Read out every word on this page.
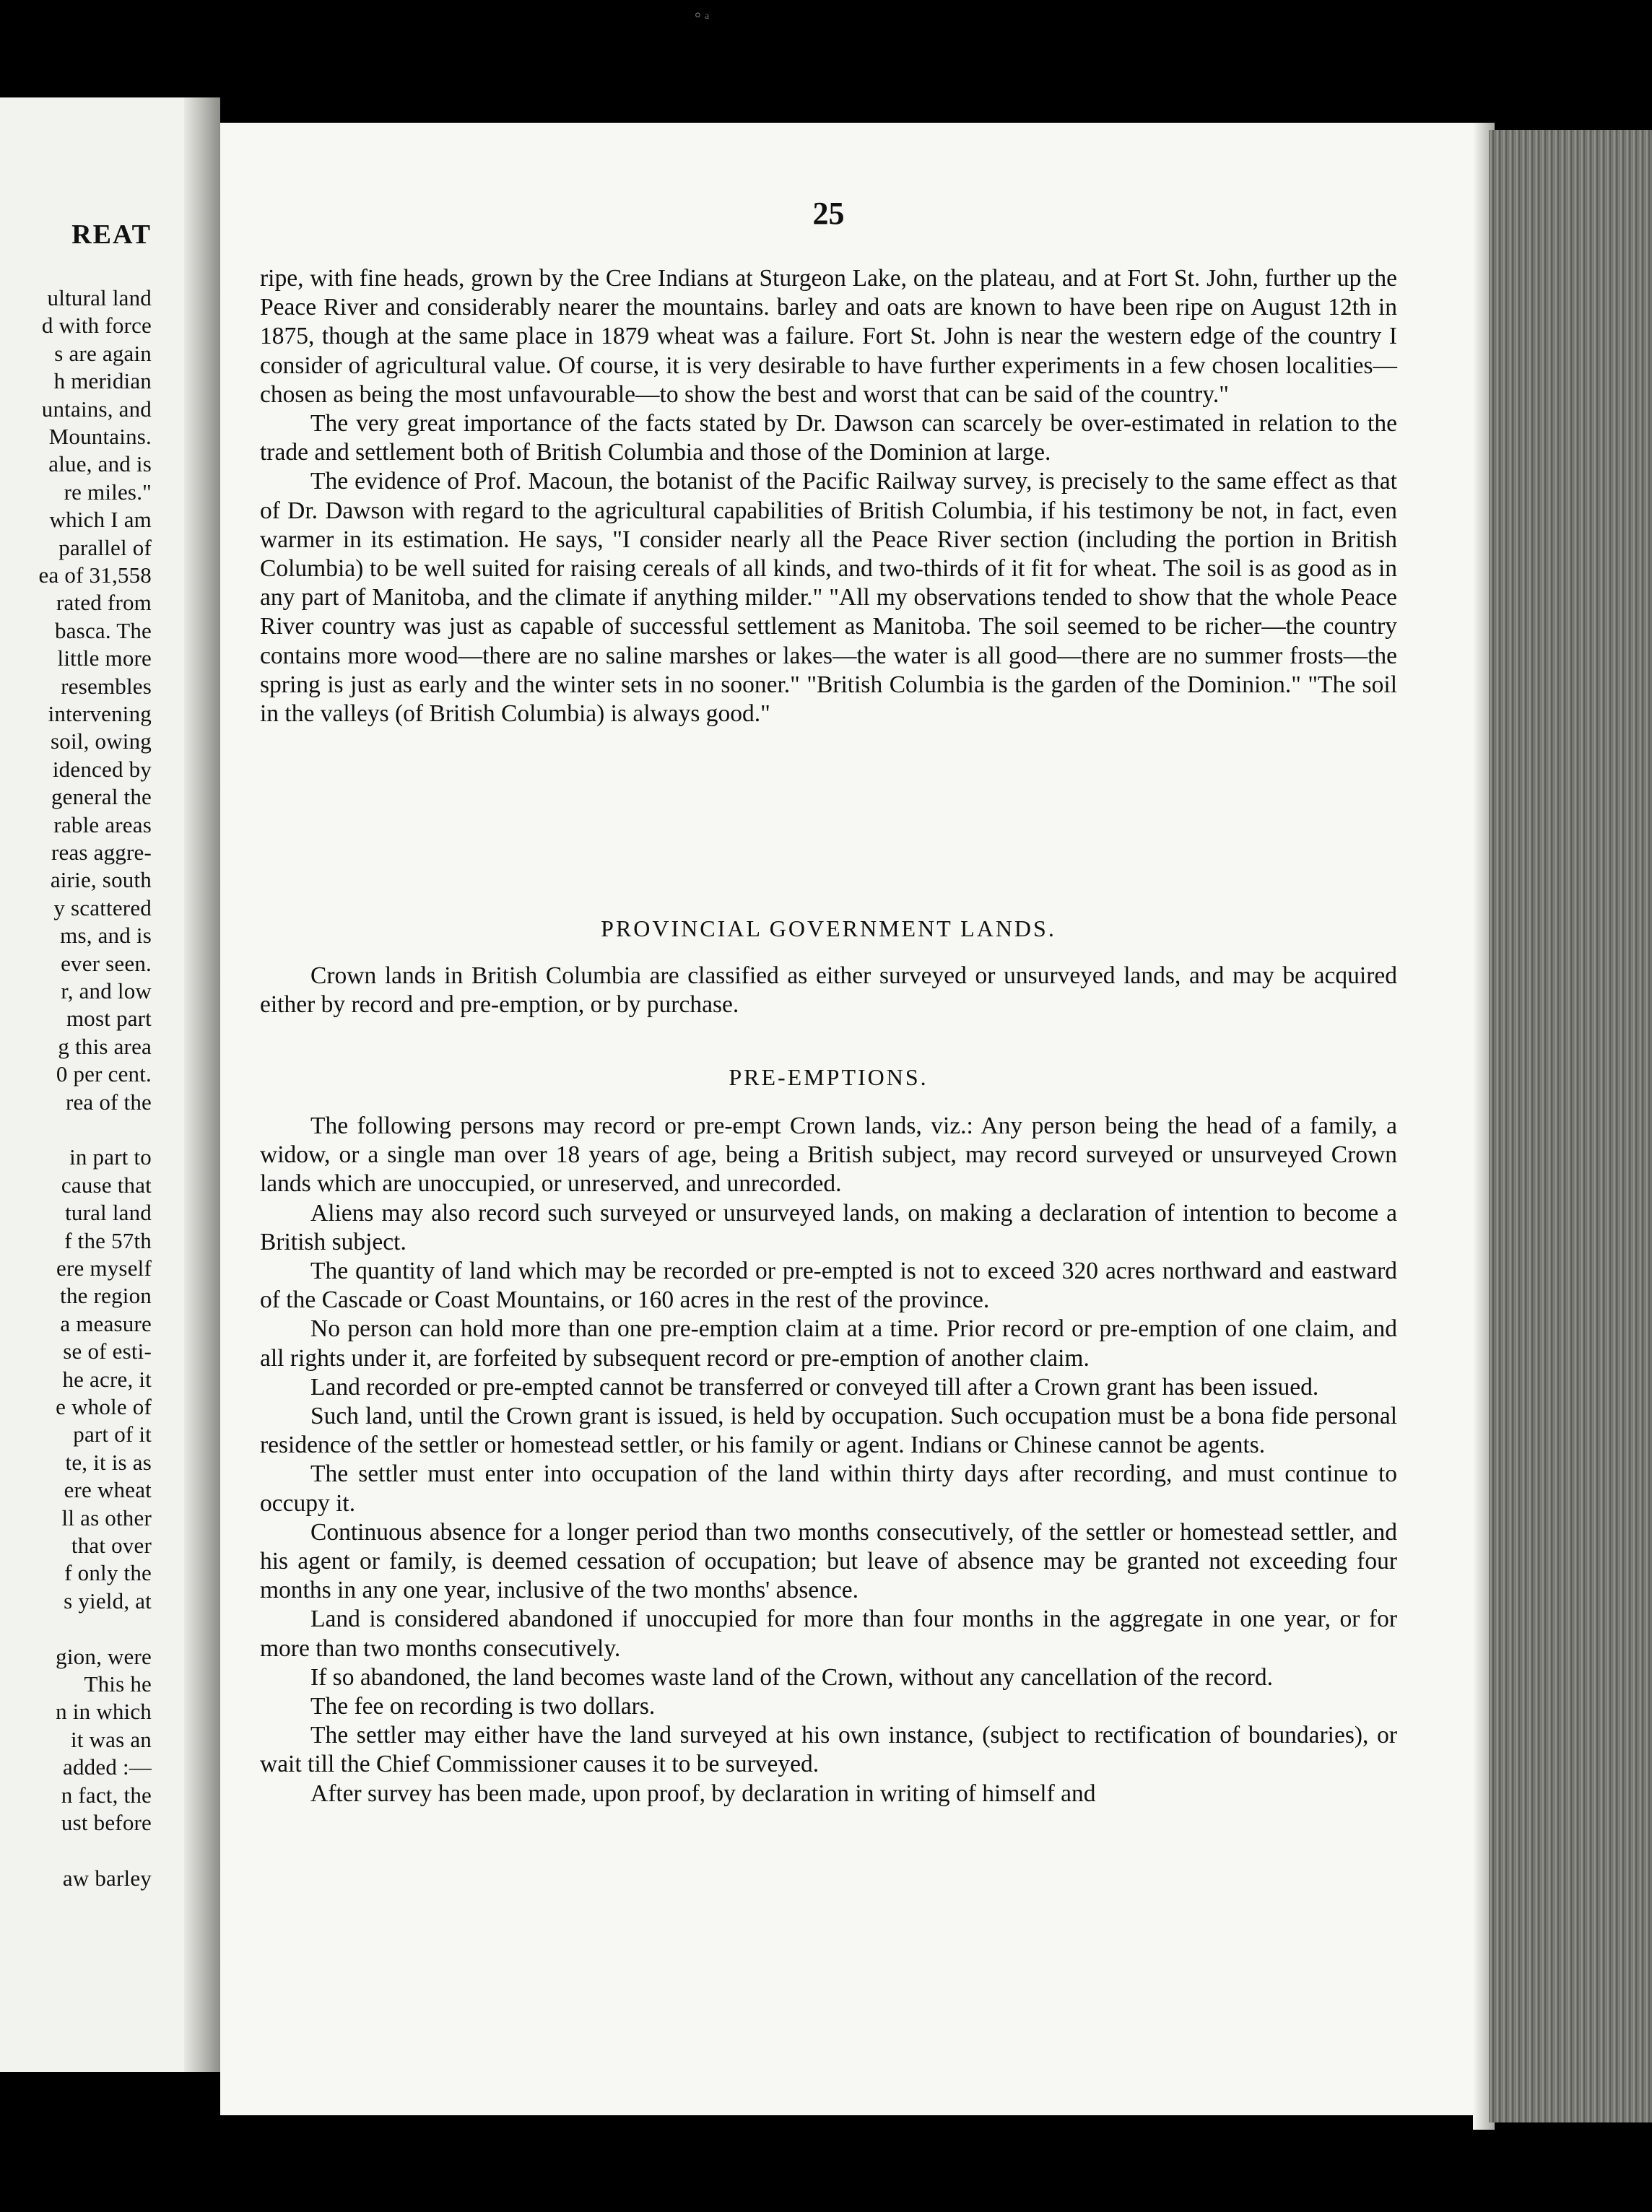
° ᵃ
REAT
ultural land
d with force
s are again
h meridian
untains, and
Mountains.
alue, and is
re miles."
which I am
parallel of
ea of 31,558
rated from
basca. The
little more
resembles
intervening
soil, owing
idenced by
general the
rable areas
reas aggre-
airie, south
y scattered
ms, and is
ever seen.
r, and low
most part
g this area
0 per cent.
rea of the
in part to
cause that
tural land
f the 57th
ere myself
the region
a measure
se of esti-
he acre, it
e whole of
part of it
te, it is as
ere wheat
ll as other
that over
f only the
s yield, at
gion, were
This he
n in which
it was an
added :—
n fact, the
ust before
aw barley
25

ripe, with fine heads, grown by the Cree Indians at Sturgeon Lake, on the plateau, and at Fort St. John, further up the Peace River and considerably nearer the mountains. barley and oats are known to have been ripe on August 12th in 1875, though at the same place in 1879 wheat was a failure. Fort St. John is near the western edge of the country I consider of agricultural value. Of course, it is very desirable to have further experiments in a few chosen localities—chosen as being the most unfavourable—to show the best and worst that can be said of the country."

The very great importance of the facts stated by Dr. Dawson can scarcely be over-estimated in relation to the trade and settlement both of British Columbia and those of the Dominion at large.

The evidence of Prof. Macoun, the botanist of the Pacific Railway survey, is precisely to the same effect as that of Dr. Dawson with regard to the agricultural capabilities of British Columbia, if his testimony be not, in fact, even warmer in its estimation. He says, "I consider nearly all the Peace River section (including the portion in British Columbia) to be well suited for raising cereals of all kinds, and two-thirds of it fit for wheat. The soil is as good as in any part of Manitoba, and the climate if anything milder." "All my observations tended to show that the whole Peace River country was just as capable of successful settlement as Manitoba. The soil seemed to be richer—the country contains more wood—there are no saline marshes or lakes—the water is all good—there are no summer frosts—the spring is just as early and the winter sets in no sooner." "British Columbia is the garden of the Dominion." "The soil in the valleys (of British Columbia) is always good."

PROVINCIAL GOVERNMENT LANDS.

Crown lands in British Columbia are classified as either surveyed or unsurveyed lands, and may be acquired either by record and pre-emption, or by purchase.

PRE-EMPTIONS.

The following persons may record or pre-empt Crown lands, viz.: Any person being the head of a family, a widow, or a single man over 18 years of age, being a British subject, may record surveyed or unsurveyed Crown lands which are unoccupied, or unreserved, and unrecorded.

Aliens may also record such surveyed or unsurveyed lands, on making a declaration of intention to become a British subject.

The quantity of land which may be recorded or pre-empted is not to exceed 320 acres northward and eastward of the Cascade or Coast Mountains, or 160 acres in the rest of the province.

No person can hold more than one pre-emption claim at a time. Prior record or pre-emption of one claim, and all rights under it, are forfeited by subsequent record or pre-emption of another claim.

Land recorded or pre-empted cannot be transferred or conveyed till after a Crown grant has been issued.

Such land, until the Crown grant is issued, is held by occupation. Such occupation must be a bona fide personal residence of the settler or homestead settler, or his family or agent. Indians or Chinese cannot be agents.

The settler must enter into occupation of the land within thirty days after recording, and must continue to occupy it.

Continuous absence for a longer period than two months consecutively, of the settler or homestead settler, and his agent or family, is deemed cessation of occupation; but leave of absence may be granted not exceeding four months in any one year, inclusive of the two months' absence.

Land is considered abandoned if unoccupied for more than four months in the aggregate in one year, or for more than two months consecutively.

If so abandoned, the land becomes waste land of the Crown, without any cancellation of the record.

The fee on recording is two dollars.

The settler may either have the land surveyed at his own instance, (subject to rectification of boundaries), or wait till the Chief Commissioner causes it to be surveyed.

After survey has been made, upon proof, by declaration in writing of himself and
